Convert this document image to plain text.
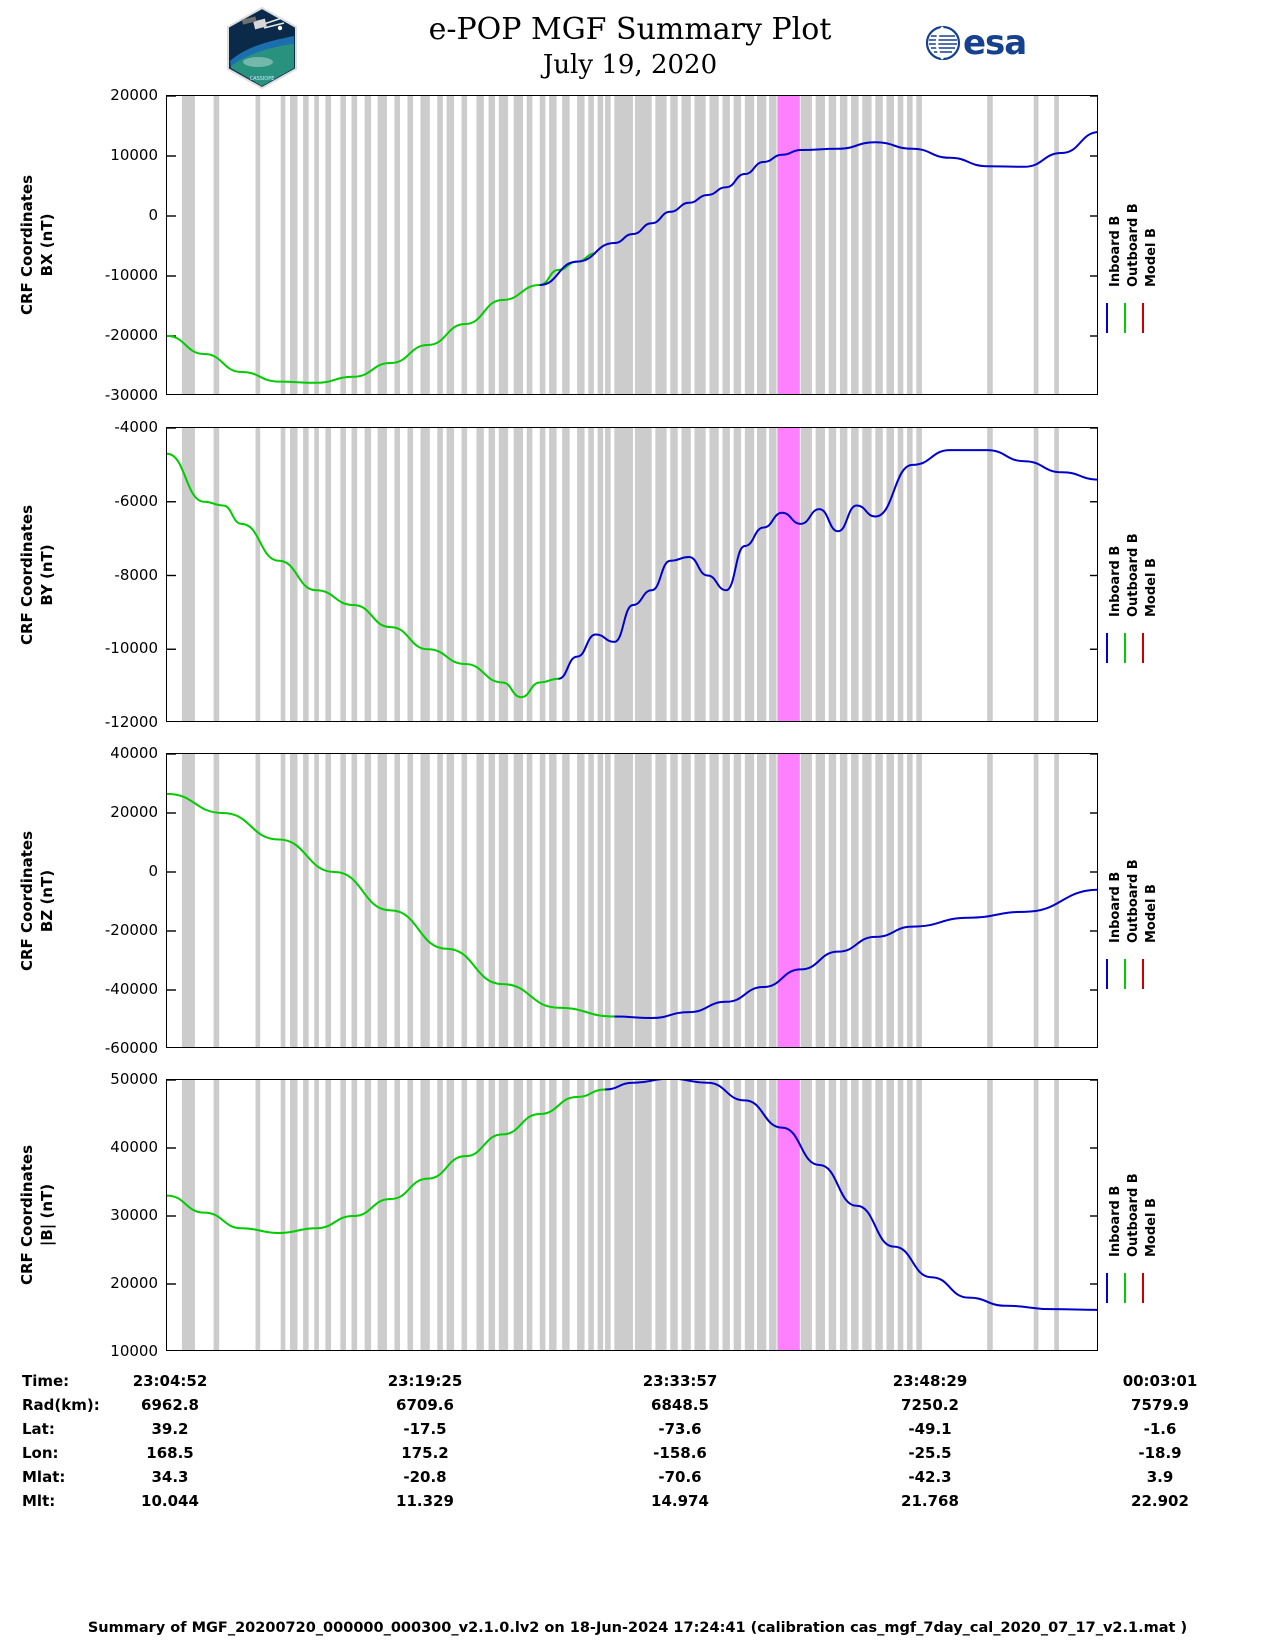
CASSIOPE
e-POP MGF Summary Plot
July 19, 2020
esa
20000
10000
0
-10000
-20000
-30000
CRF Coordinates BX (nT)	Inboard B Outboard B Model B
-4000
-6000
-8000
-10000
-12000
CRF Coordinates BY (nT)	Inboard B Outboard B Model B
40000
20000
0
-20000
-40000
-60000
CRF Coordinates BZ (nT)	Inboard B Outboard B Model B
50000
40000
30000
20000
10000
CRF Coordinates |B| (nT)	Inboard B Outboard B Model B
Time:	23:04:52	23:19:25	23:33:57	23:48:29	00:03:01
Rad(km):	6962.8	6709.6	6848.5	7250.2	7579.9
Lat:	39.2	-17.5	-73.6	-49.1	-1.6
Lon:	168.5	175.2	-158.6	-25.5	-18.9
Mlat:	34.3	-20.8	-70.6	-42.3	3.9
Mlt:	10.044	11.329	14.974	21.768	22.902
Summary of MGF_20200720_000000_000300_v2.1.0.lv2 on 18-Jun-2024 17:24:41 (calibration cas_mgf_7day_cal_2020_07_17_v2.1.mat )
